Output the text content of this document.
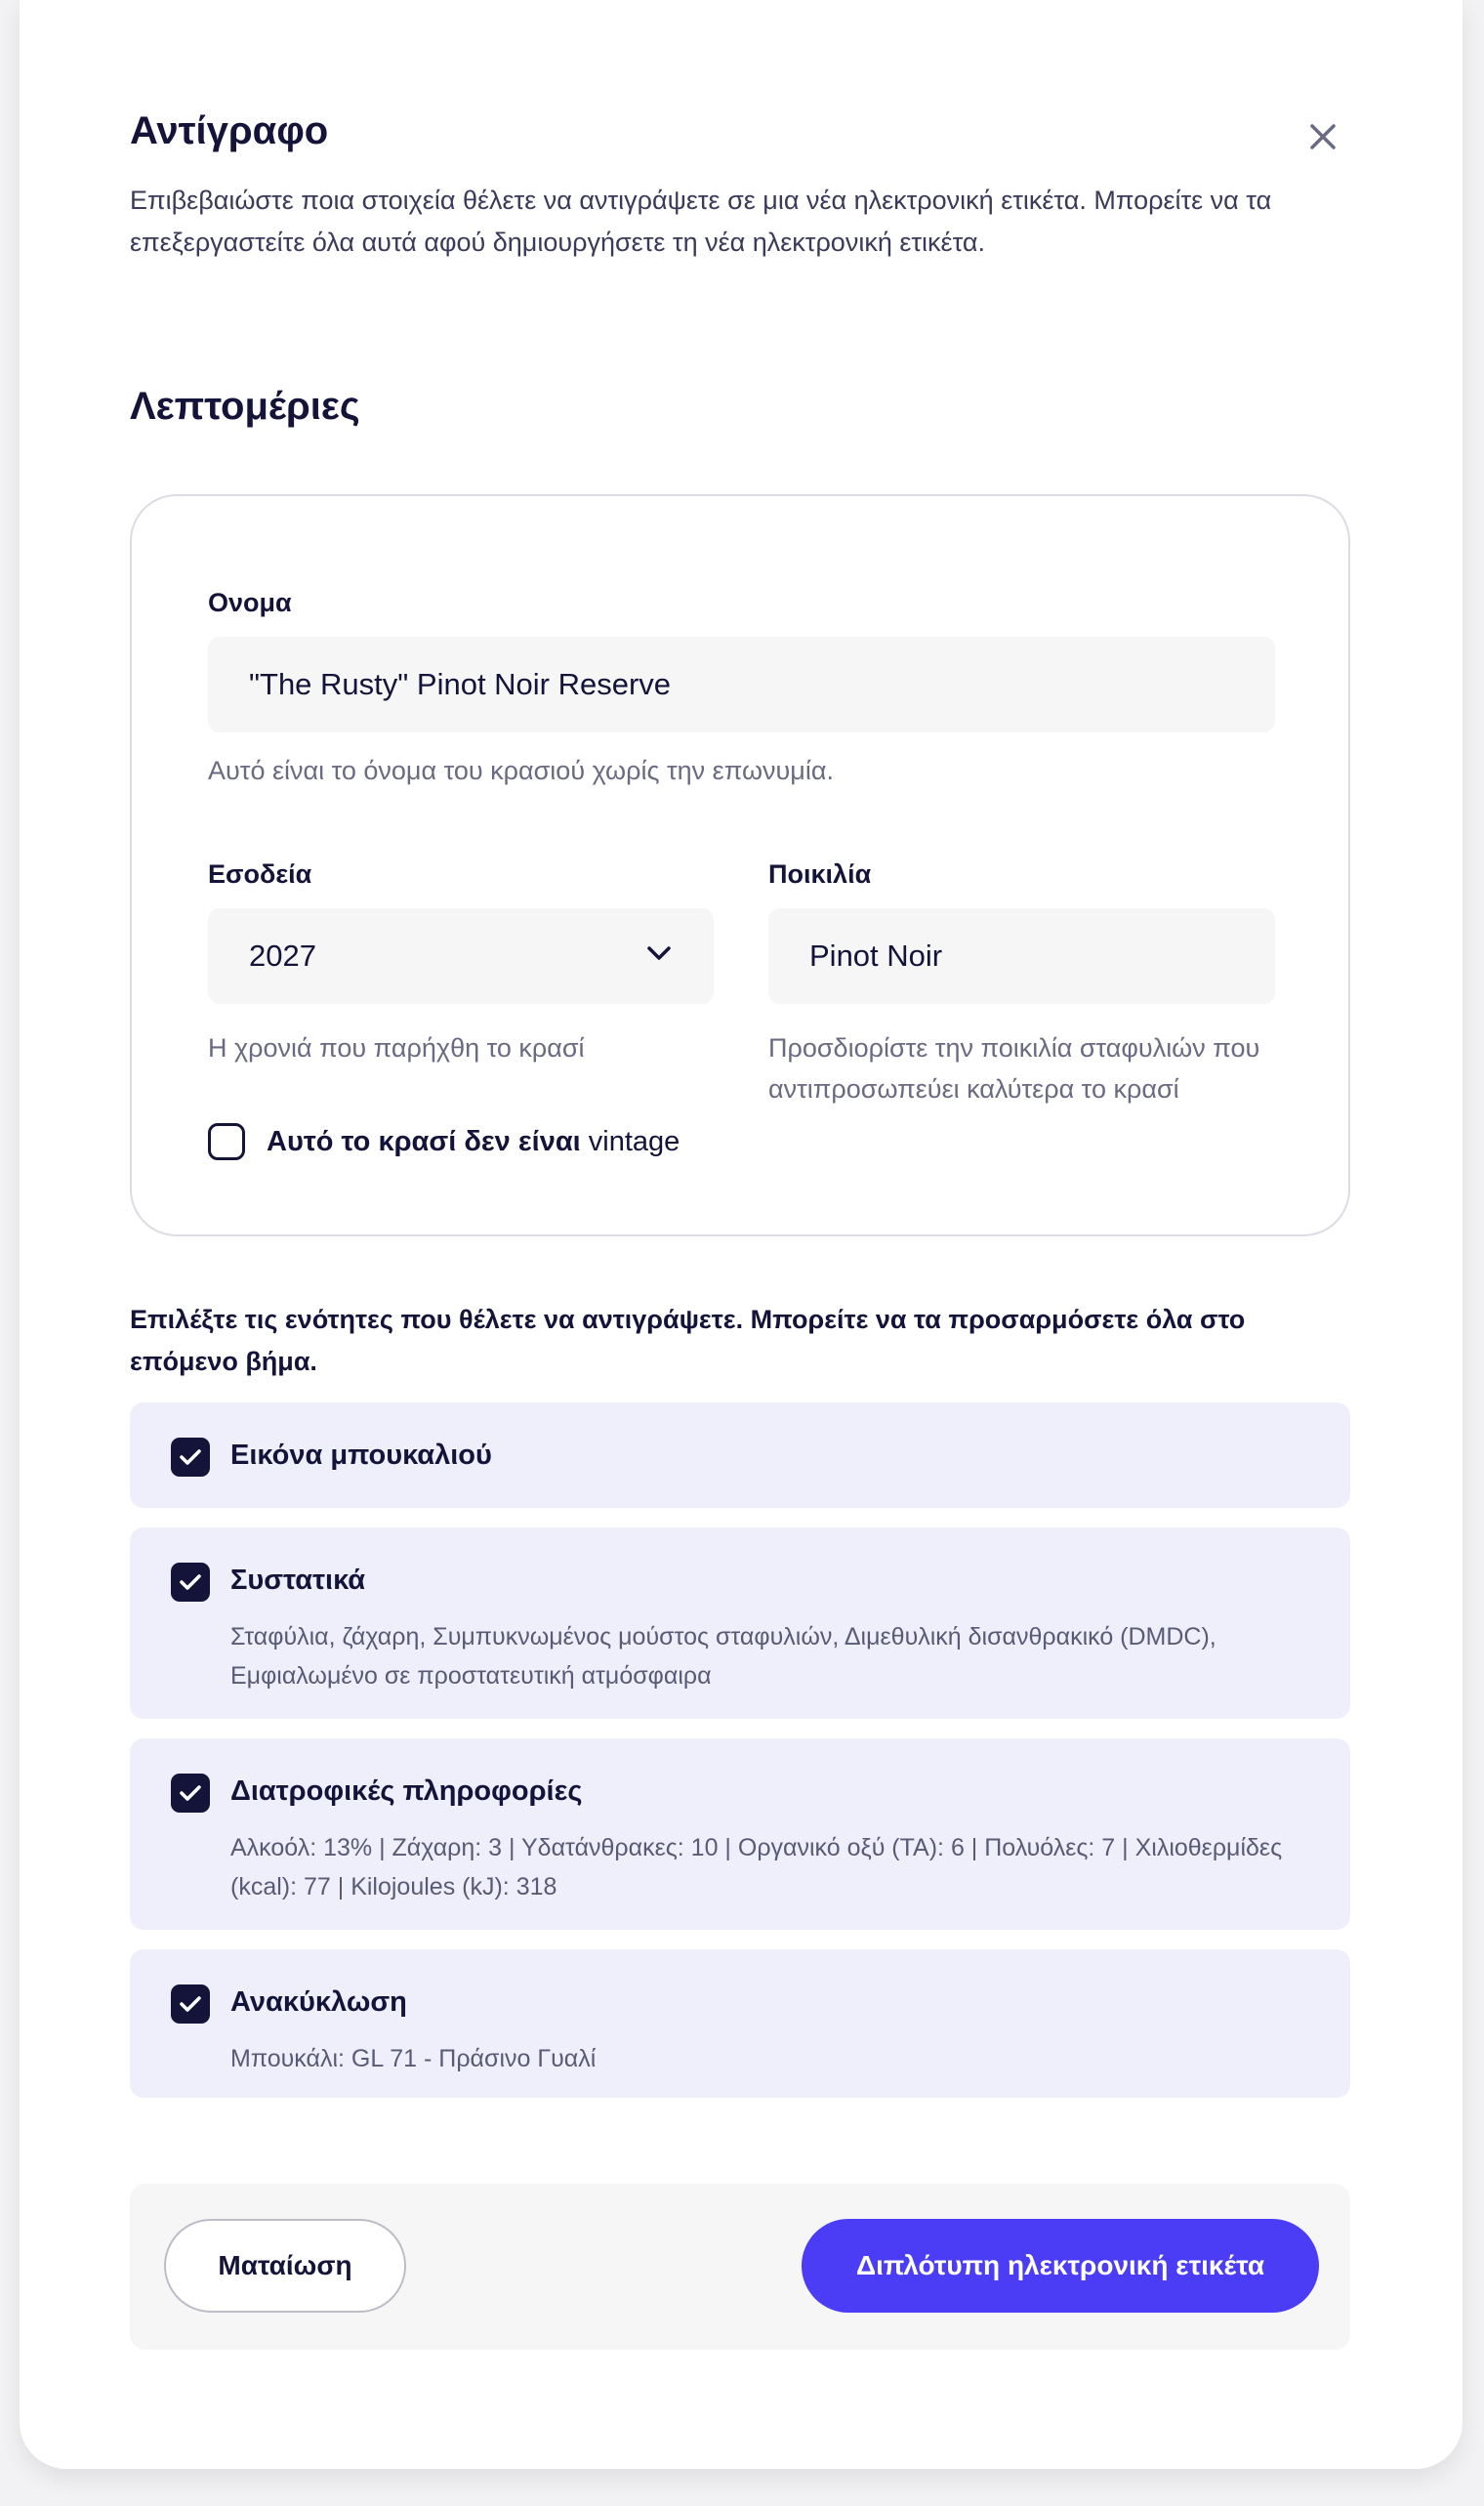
Αντίγραφο
Επιβεβαιώστε ποια στοιχεία θέλετε να αντιγράψετε σε μια νέα ηλεκτρονική ετικέτα. Μπορείτε να τα επεξεργαστείτε όλα αυτά αφού δημιουργήσετε τη νέα ηλεκτρονική ετικέτα.
Λεπτομέριες
Ονομα
"The Rusty" Pinot Noir Reserve
Αυτό είναι το όνομα του κρασιού χωρίς την επωνυμία.
Εσοδεία
2027
Η χρονιά που παρήχθη το κρασί
Αυτό το κρασί δεν είναι vintage
Ποικιλία
Pinot Noir
Προσδιορίστε την ποικιλία σταφυλιών που αντιπροσωπεύει καλύτερα το κρασί
Επιλέξτε τις ενότητες που θέλετε να αντιγράψετε. Μπορείτε να τα προσαρμόσετε όλα στο επόμενο βήμα.
Εικόνα μπουκαλιού
Συστατικά
Σταφύλια, ζάχαρη, Συμπυκνωμένος μούστος σταφυλιών, Διμεθυλική δισανθρακικό (DMDC), Εμφιαλωμένο σε προστατευτική ατμόσφαιρα
Διατροφικές πληροφορίες
Αλκοόλ: 13% | Ζάχαρη: 3 | Υδατάνθρακες: 10 | Οργανικό οξύ (TA): 6 | Πολυόλες: 7 | Χιλιοθερμίδες (kcal): 77 | Kilojoules (kJ): 318
Ανακύκλωση
Μπουκάλι: GL 71 - Πράσινο Γυαλί
Ματαίωση	Διπλότυπη ηλεκτρονική ετικέτα
